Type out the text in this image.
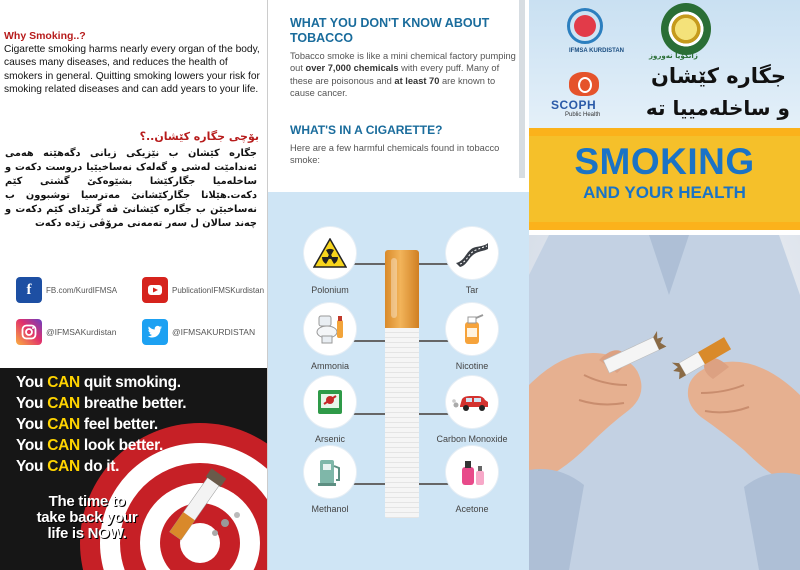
Why Smoking..?
Cigarette smoking harms nearly every organ of the body, causes many diseases, and reduces the health of smokers in general. Quitting smoking lowers your risk for smoking related diseases and can add years to your life.
بۆچی جگارە کێشان..؟
جگارە کێشان ب نێزیکی زیانی دگەهێتە هەمی ئەندامێت لەشی و گەلەک نەساخیێیا دروست دکەت و ساخلەمیا جگارکێشا بشێوەکێ گشتی کێم دکەت.هێلانا جگارکێشانێ مەترسیا توشبوون ب نەساخیێن ب جگارە کێشانێ ڤە گرێدای کێم دکەت و چەند سالان ل سەر تەمەنی مرۆڤی زێدە دکەت
f	FB.com/KurdIFMSA	PublicationIFMSKurdistan
@IFMSAKurdistan	@IFMSAKURDISTAN
You CAN quit smoking.
You CAN breathe better.
You CAN feel better.
You CAN look better.
You CAN do it.
The time to
take back your
life is NOW.
WHAT YOU DON'T KNOW ABOUT TOBACCO
Tobacco smoke is like a mini chemical factory pumping out over 7,000 chemicals with every puff. Many of these are poisonous and at least 70 are known to cause cancer.
WHAT'S IN A CIGARETTE?
Here are a few harmful chemicals found in tobacco smoke:
Polonium
Ammonia
Arsenic
Methanol
Tar
Nicotine
Carbon Monoxide
Acetone
IFMSA KURDISTAN
زانكۆیا نەوروز
SCOPH
Public Health
جگارە کێشان
و ساخلەمییا تە
SMOKING
AND YOUR HEALTH
